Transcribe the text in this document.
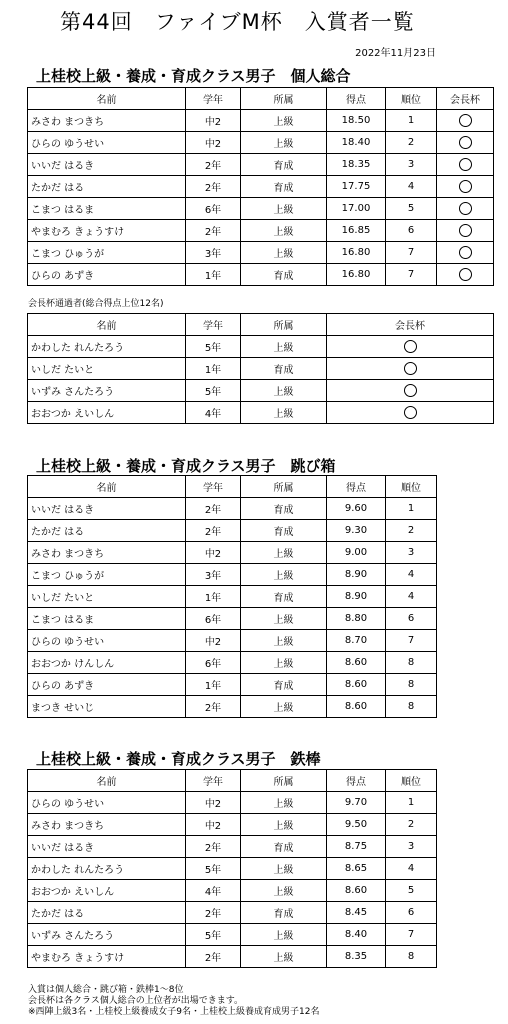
第44回　ファイブM杯　入賞者一覧
2022年11月23日
上桂校上級・養成・育成クラス男子　個人総合
名前	学年	所属	得点	順位	会長杯
みさわ まつきち	中2	上級	18.50	1	
ひらの ゆうせい	中2	上級	18.40	2	
いいだ はるき	2年	育成	18.35	3	
たかだ はる	2年	育成	17.75	4	
こまつ はるま	6年	上級	17.00	5	
やまむろ きょうすけ	2年	上級	16.85	6	
こまつ ひゅうが	3年	上級	16.80	7	
ひらの あずき	1年	育成	16.80	7	
会長杯通過者(総合得点上位12名)
名前	学年	所属	会長杯
かわした れんたろう	5年	上級	
いしだ たいと	1年	育成	
いずみ さんたろう	5年	上級	
おおつか えいしん	4年	上級	
上桂校上級・養成・育成クラス男子　跳び箱
名前	学年	所属	得点	順位
いいだ はるき	2年	育成	9.60	1
たかだ はる	2年	育成	9.30	2
みさわ まつきち	中2	上級	9.00	3
こまつ ひゅうが	3年	上級	8.90	4
いしだ たいと	1年	育成	8.90	4
こまつ はるま	6年	上級	8.80	6
ひらの ゆうせい	中2	上級	8.70	7
おおつか けんしん	6年	上級	8.60	8
ひらの あずき	1年	育成	8.60	8
まつき せいじ	2年	上級	8.60	8
上桂校上級・養成・育成クラス男子　鉄棒
名前	学年	所属	得点	順位
ひらの ゆうせい	中2	上級	9.70	1
みさわ まつきち	中2	上級	9.50	2
いいだ はるき	2年	育成	8.75	3
かわした れんたろう	5年	上級	8.65	4
おおつか えいしん	4年	上級	8.60	5
たかだ はる	2年	育成	8.45	6
いずみ さんたろう	5年	上級	8.40	7
やまむろ きょうすけ	2年	上級	8.35	8
入賞は個人総合・跳び箱・鉄棒1～8位
会長杯は各クラス個人総合の上位者が出場できます。
※西陣上級3名・上桂校上級養成女子9名・上桂校上級養成育成男子12名
